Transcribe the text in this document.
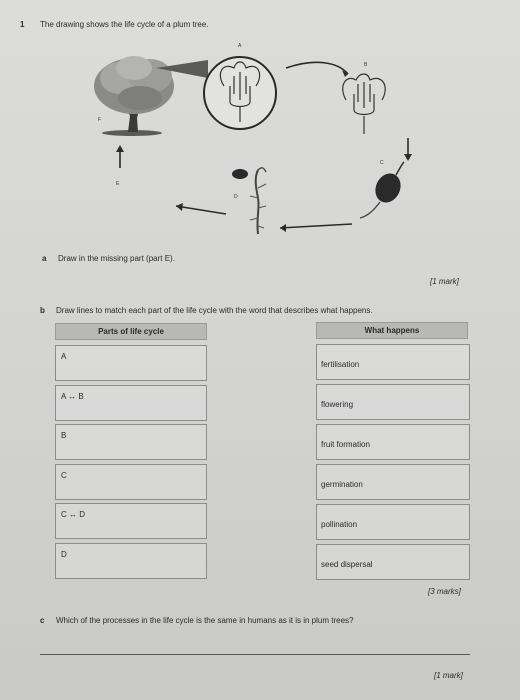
1 The drawing shows the life cycle of a plum tree.
A
B
C
D
E
F
a Draw in the missing part (part E).
[1 mark]
b Draw lines to match each part of the life cycle with the word that describes what happens.
Parts of life cycle	What happens
A
A ↔ B
B
C
C ↔ D
D
fertilisation
flowering
fruit formation
germination
pollination
seed dispersal
[3 marks]
c Which of the processes in the life cycle is the same in humans as it is in plum trees?
[1 mark]
